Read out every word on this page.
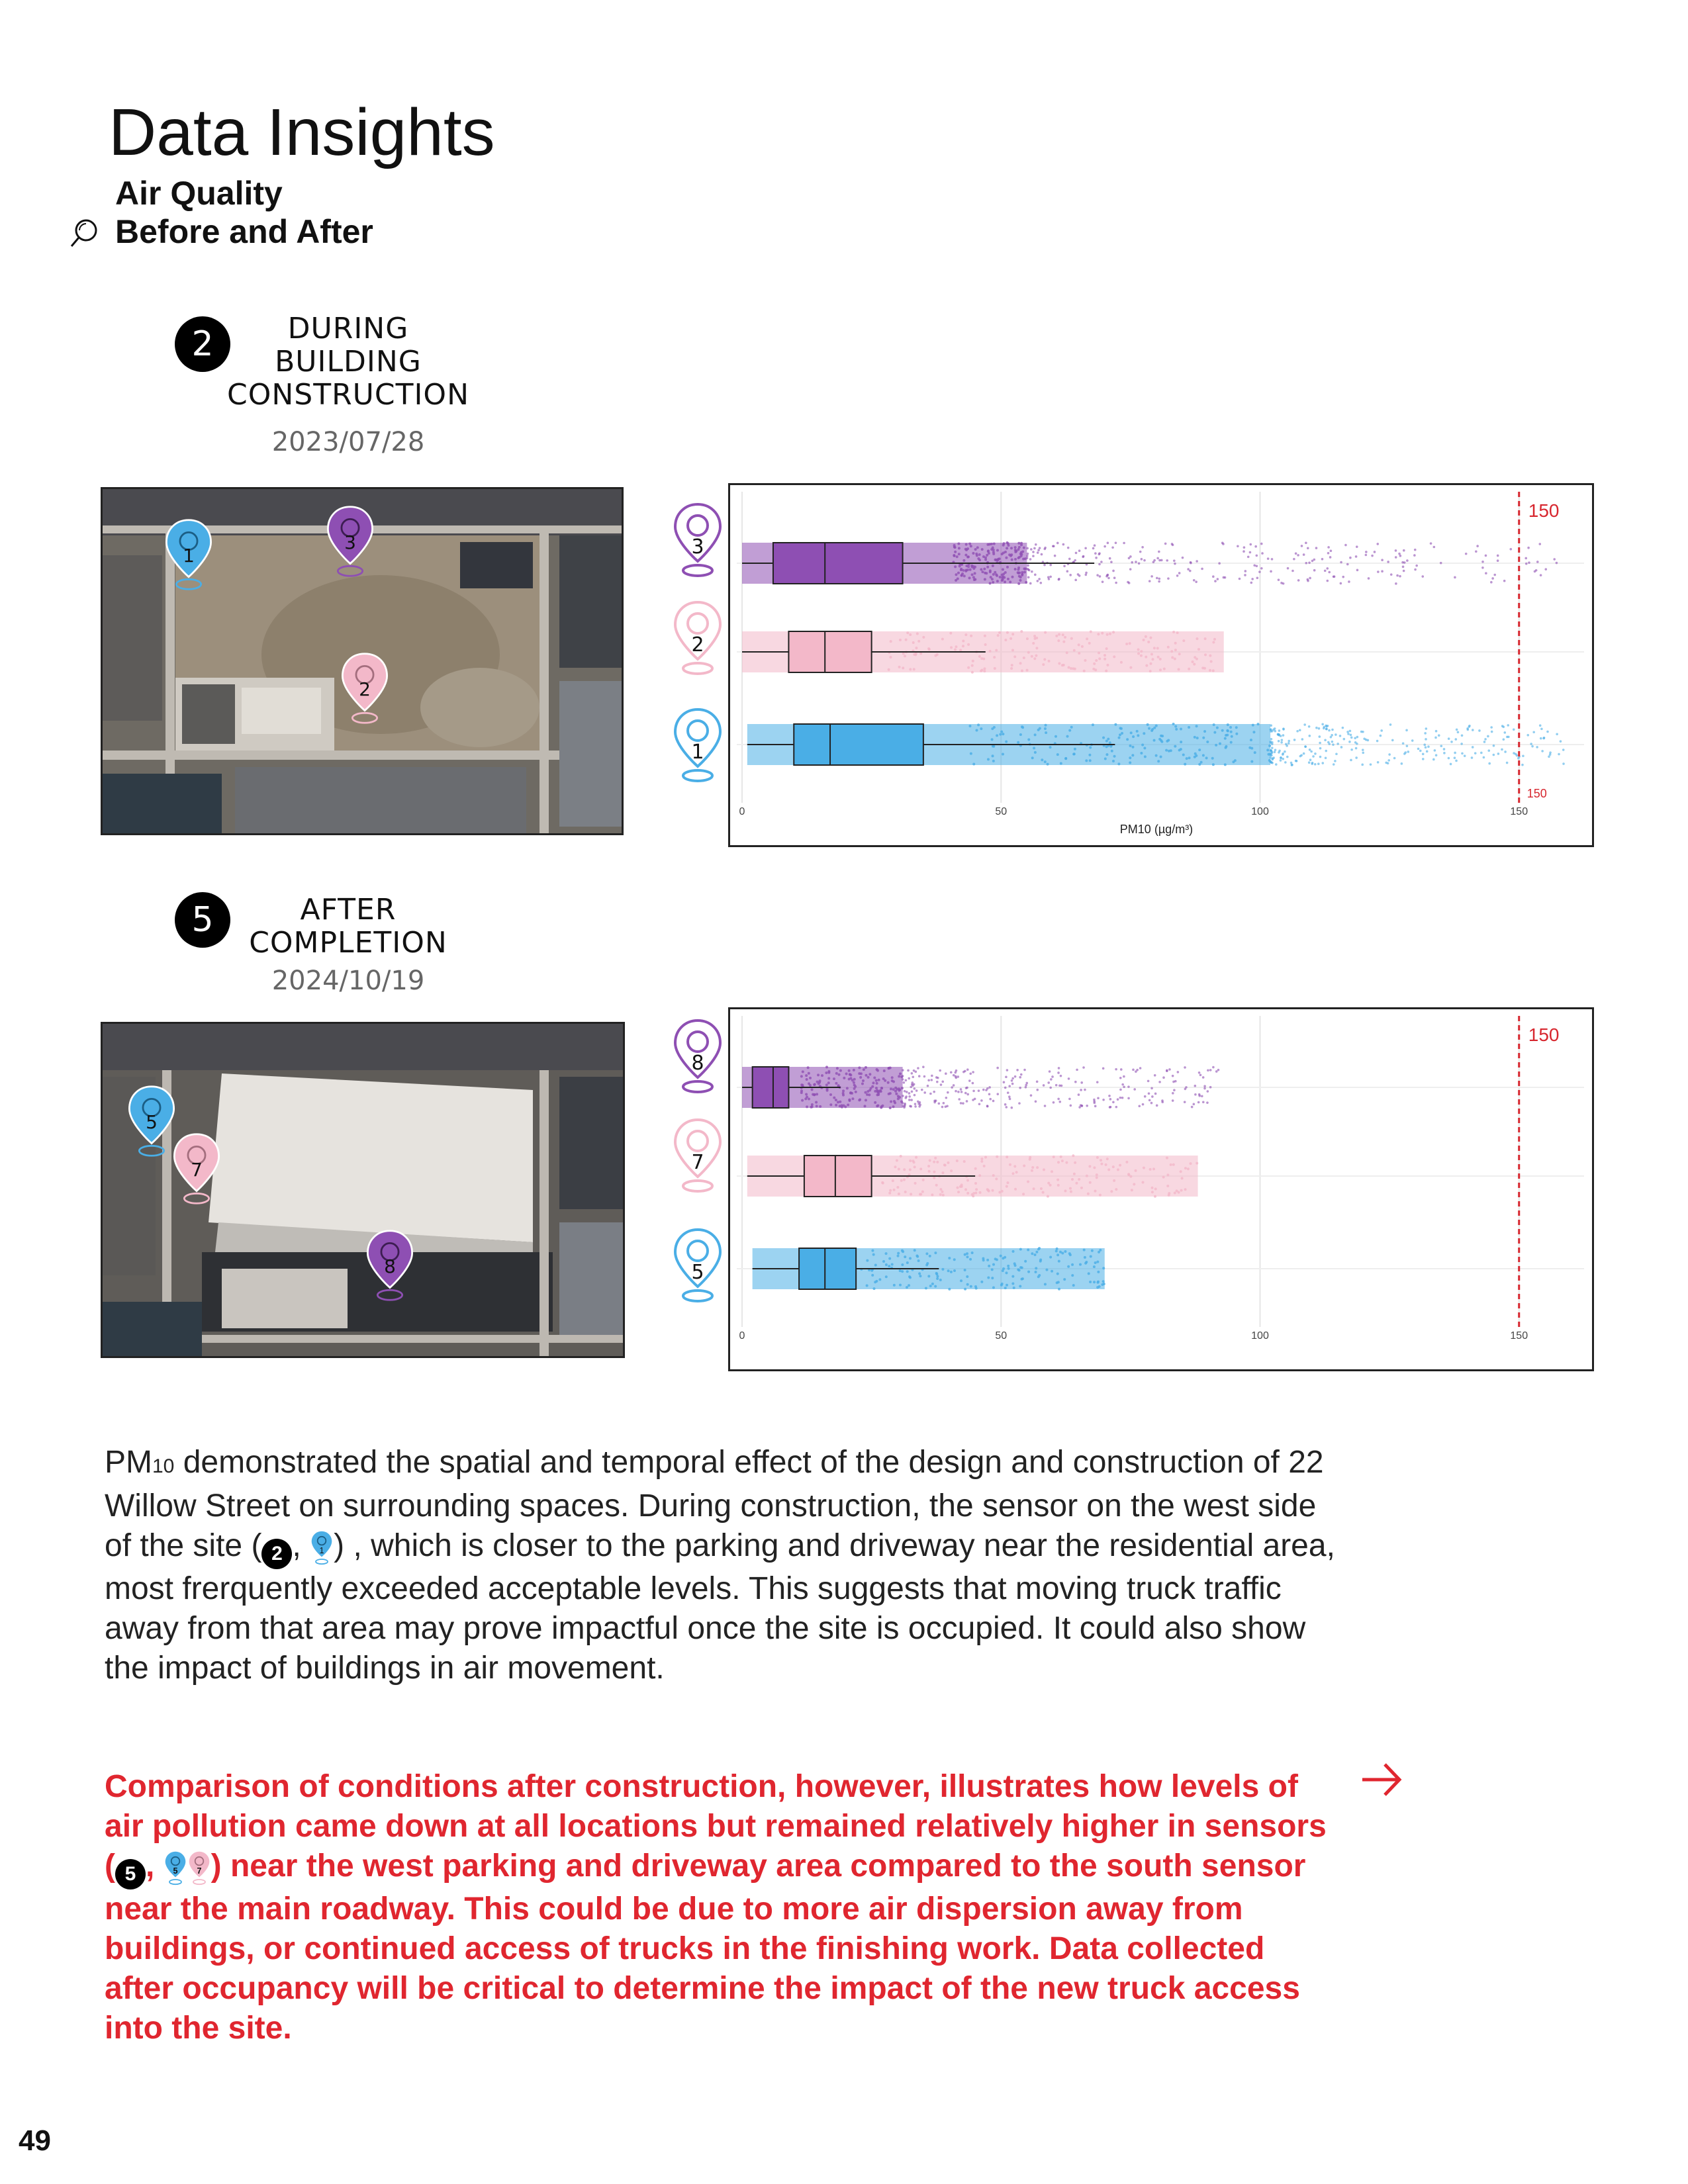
Data Insights
Air Quality
Before and After
2	DURING
BUILDING
CONSTRUCTION
2023/07/28
1
3
2
3
2
1
0	50	100	150
150
150
PM10 (µg/m³)
5	AFTER
COMPLETION
2024/10/19
5
7
8
8
7
5
0	50	100	150
150
PM10 demonstrated the spatial and temporal effect of the design and construction of 22 Willow Street on surrounding spaces. During construction, the sensor on the west side of the site ( 2 , 1 ) , which is closer to the parking and driveway near the residential area, most frerquently exceeded acceptable levels. This suggests that moving truck traffic away from that area may prove impactful once the site is occupied. It could also show the impact of buildings in air movement.
Comparison of conditions after construction, however, illustrates how levels of air pollution came down at all locations but remained relatively higher in sensors ( 5 , 5 7 ) near the west parking and driveway area compared to the south sensor near the main roadway. This could be due to more air dispersion away from buildings, or continued access of trucks in the finishing work. Data collected after occupancy will be critical to determine the impact of the new truck access into the site.
49
